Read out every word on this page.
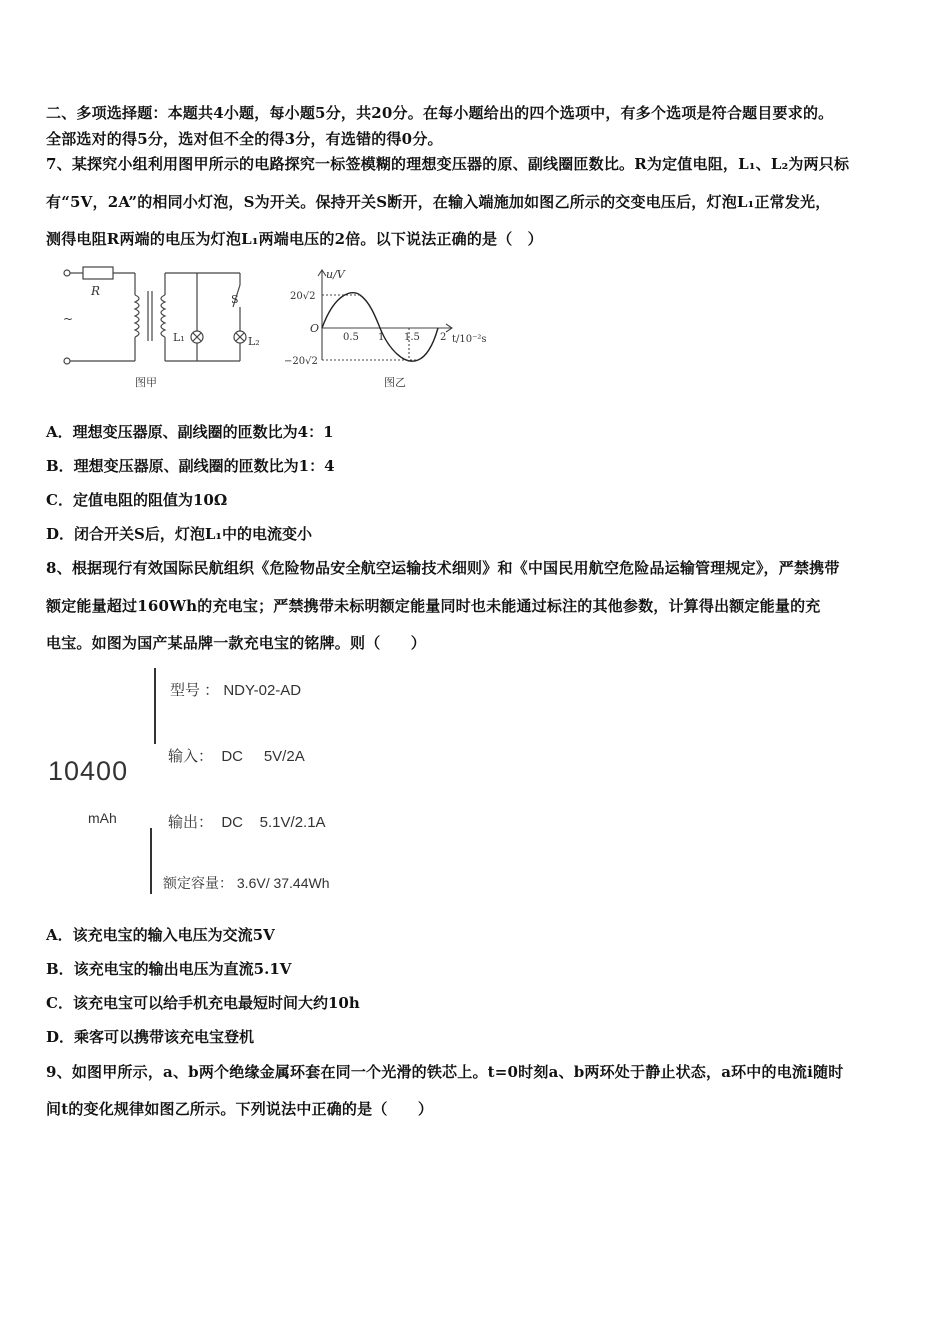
二、多项选择题：本题共4小题，每小题5分，共20分。在每小题给出的四个选项中，有多个选项是符合题目要求的。
全部选对的得5分，选对但不全的得3分，有选错的得0分。
7、某探究小组利用图甲所示的电路探究一标签模糊的理想变压器的原、副线圈匝数比。R为定值电阻，L₁、L₂为两只标
有“5V，2A”的相同小灯泡，S为开关。保持开关S断开，在输入端施加如图乙所示的交变电压后，灯泡L₁正常发光，
测得电阻R两端的电压为灯泡L₁两端电压的2倍。以下说法正确的是（　）
R
~
S
L₁	L₂
图甲
u/V
t/10⁻²s
O
20√2
−20√2
0.5 1 1.5 2
图乙
A．理想变压器原、副线圈的匝数比为4：1
B．理想变压器原、副线圈的匝数比为1：4
C．定值电阻的阻值为10Ω
D．闭合开关S后，灯泡L₁中的电流变小
8、根据现行有效国际民航组织《危险物品安全航空运输技术细则》和《中国民用航空危险品运输管理规定》，严禁携带
额定能量超过160Wh的充电宝；严禁携带未标明额定能量同时也未能通过标注的其他参数，计算得出额定能量的充
电宝。如图为国产某品牌一款充电宝的铭牌。则（　　）
10400
mAh
型号 ： NDY-02-AD
输入：  DC     5V/2A
输出：  DC    5.1V/2.1A
额定容量： 3.6V/ 37.44Wh
A．该充电宝的输入电压为交流5V
B．该充电宝的输出电压为直流5.1V
C．该充电宝可以给手机充电最短时间大约10h
D．乘客可以携带该充电宝登机
9、如图甲所示，a、b两个绝缘金属环套在同一个光滑的铁芯上。t=0时刻a、b两环处于静止状态，a环中的电流i随时
间t的变化规律如图乙所示。下列说法中正确的是（　　）
